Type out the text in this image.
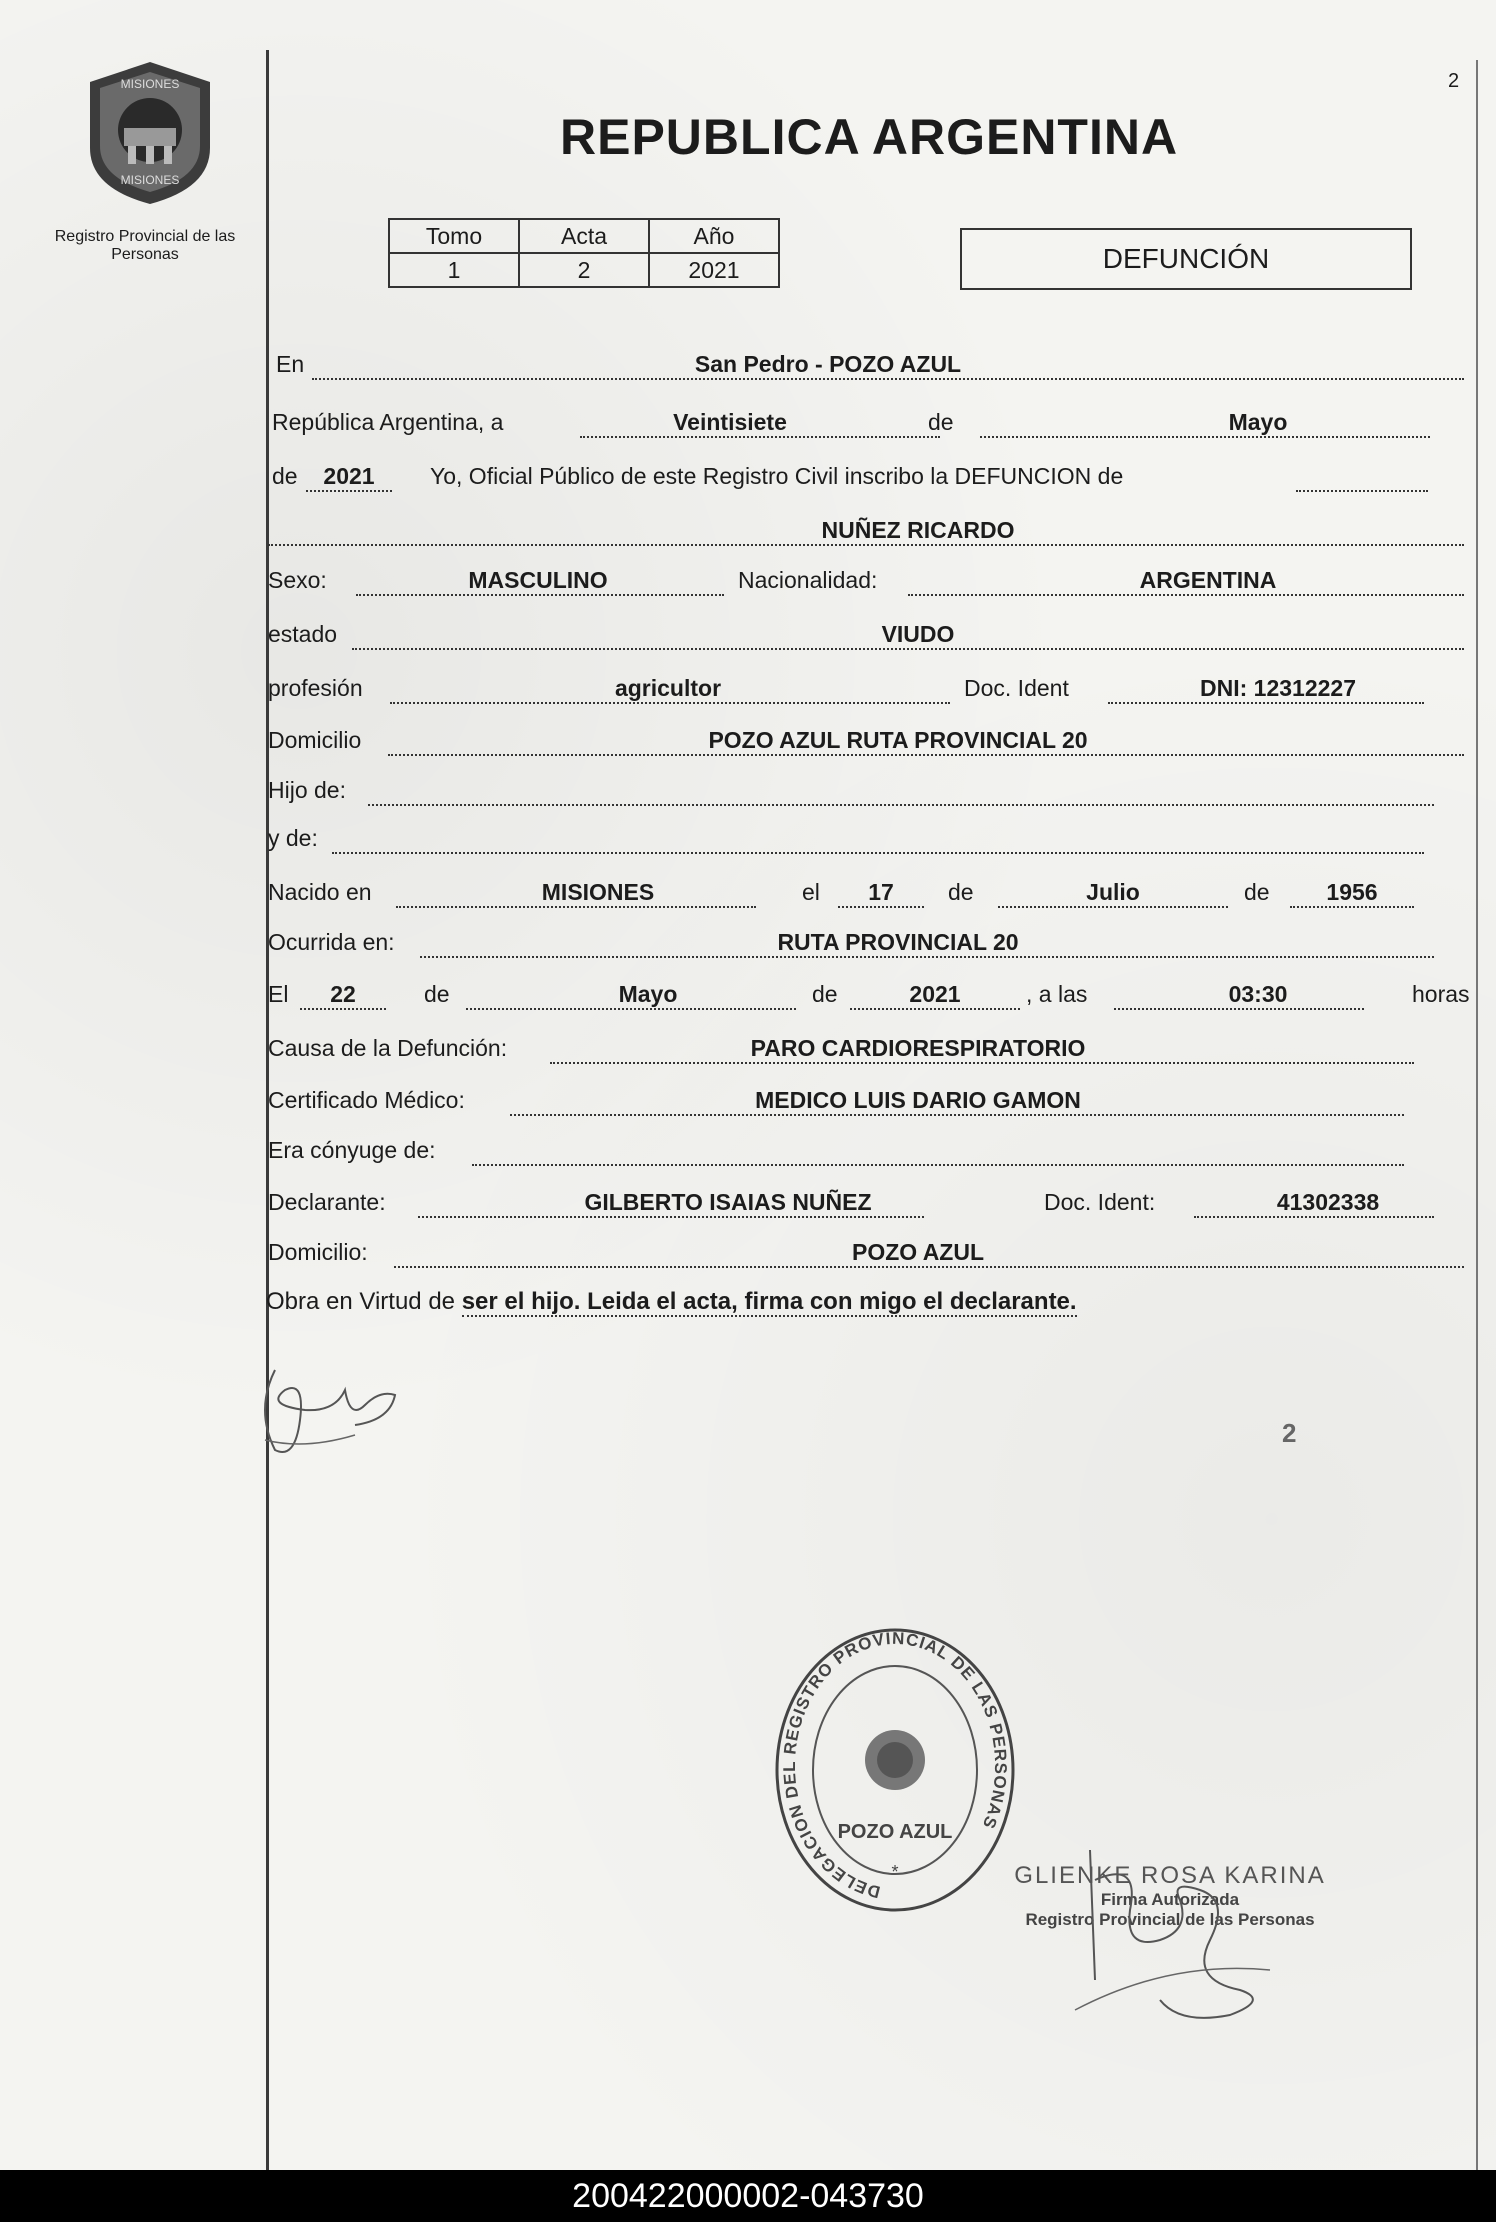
MISIONES
MISIONES
Registro Provincial de las Personas
2
REPUBLICA ARGENTINA
Tomo	Acta	Año
1	2	2021	DEFUNCIÓN
En	San Pedro - POZO AZUL
República Argentina, a	Veintisiete	de	Mayo
de	2021	Yo, Oficial Público de este Registro Civil inscribo la DEFUNCION de
NUÑEZ RICARDO
Sexo:	MASCULINO	Nacionalidad:	ARGENTINA
estado	VIUDO
profesión	agricultor	Doc. Ident	DNI: 12312227
Domicilio	POZO AZUL RUTA PROVINCIAL 20
Hijo de:
y de:
Nacido en	MISIONES	el	17	de	Julio	de	1956
Ocurrida en:	RUTA PROVINCIAL 20
El	22	de	Mayo	de	2021	, a las	03:30	horas
Causa de la Defunción:	PARO CARDIORESPIRATORIO
Certificado Médico:	MEDICO LUIS DARIO GAMON
Era cónyuge de:
Declarante:	GILBERTO ISAIAS NUÑEZ	Doc. Ident:	41302338
Domicilio:	POZO AZUL
Obra en Virtud de ser el hijo. Leida el acta, firma con migo el declarante.
2
DELEGACION DEL REGISTRO PROVINCIAL DE LAS PERSONAS
POZO AZUL
*	GLIENKE ROSA KARINA
Firma Autorizada
Registro Provincial de las Personas
200422000002-043730
